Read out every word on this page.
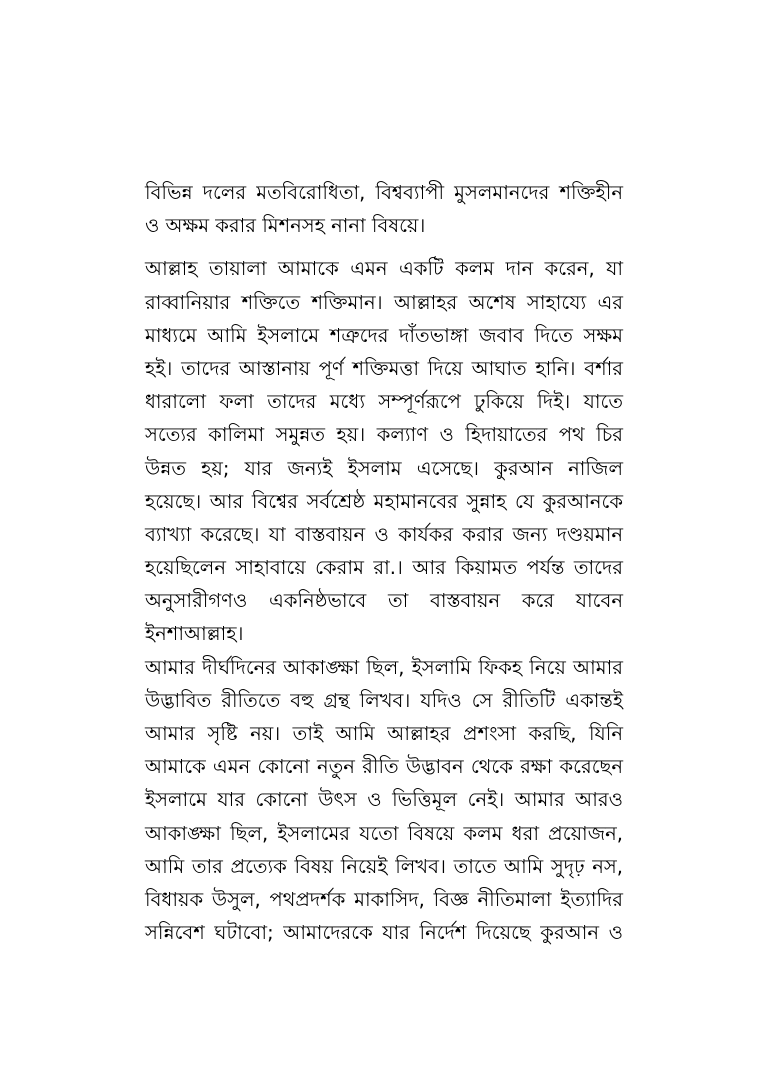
বিভিন্ন দলের মতবিরোধিতা, বিশ্বব্যাপী মুসলমানদের শক্তিহীন
ও অক্ষম করার মিশনসহ নানা বিষয়ে।
আল্লাহ তায়ালা আমাকে এমন একটি কলম দান করেন, যা
রাব্বানিয়ার শক্তিতে শক্তিমান। আল্লাহর অশেষ সাহায্যে এর
মাধ্যমে আমি ইসলামে শত্রুদের দাঁতভাঙ্গা জবাব দিতে সক্ষম
হই। তাদের আস্তানায় পূর্ণ শক্তিমত্তা দিয়ে আঘাত হানি। বর্শার
ধারালো ফলা তাদের মধ্যে সম্পূর্ণরূপে ঢুকিয়ে দিই। যাতে
সত্যের কালিমা সমুন্নত হয়। কল্যাণ ও হিদায়াতের পথ চির
উন্নত হয়; যার জন্যই ইসলাম এসেছে। কুরআন নাজিল
হয়েছে। আর বিশ্বের সর্বশ্রেষ্ঠ মহামানবের সুন্নাহ যে কুরআনকে
ব্যাখ্যা করেছে। যা বাস্তবায়ন ও কার্যকর করার জন্য দণ্ডয়মান
হয়েছিলেন সাহাবায়ে কেরাম রা.। আর কিয়ামত পর্যন্ত তাদের
অনুসারীগণও একনিষ্ঠভাবে তা বাস্তবায়ন করে যাবেন
ইনশাআল্লাহ।
আমার দীর্ঘদিনের আকাঙ্ক্ষা ছিল, ইসলামি ফিকহ নিয়ে আমার
উদ্ভাবিত রীতিতে বহু গ্রন্থ লিখব। যদিও সে রীতিটি একান্তই
আমার সৃষ্টি নয়। তাই আমি আল্লাহর প্রশংসা করছি, যিনি
আমাকে এমন কোনো নতুন রীতি উদ্ভাবন থেকে রক্ষা করেছেন
ইসলামে যার কোনো উৎস ও ভিত্তিমূল নেই। আমার আরও
আকাঙ্ক্ষা ছিল, ইসলামের যতো বিষয়ে কলম ধরা প্রয়োজন,
আমি তার প্রত্যেক বিষয় নিয়েই লিখব। তাতে আমি সুদৃঢ় নস,
বিধায়ক উসুল, পথপ্রদর্শক মাকাসিদ, বিজ্ঞ নীতিমালা ইত্যাদির
সন্নিবেশ ঘটাবো; আমাদেরকে যার নির্দেশ দিয়েছে কুরআন ও
